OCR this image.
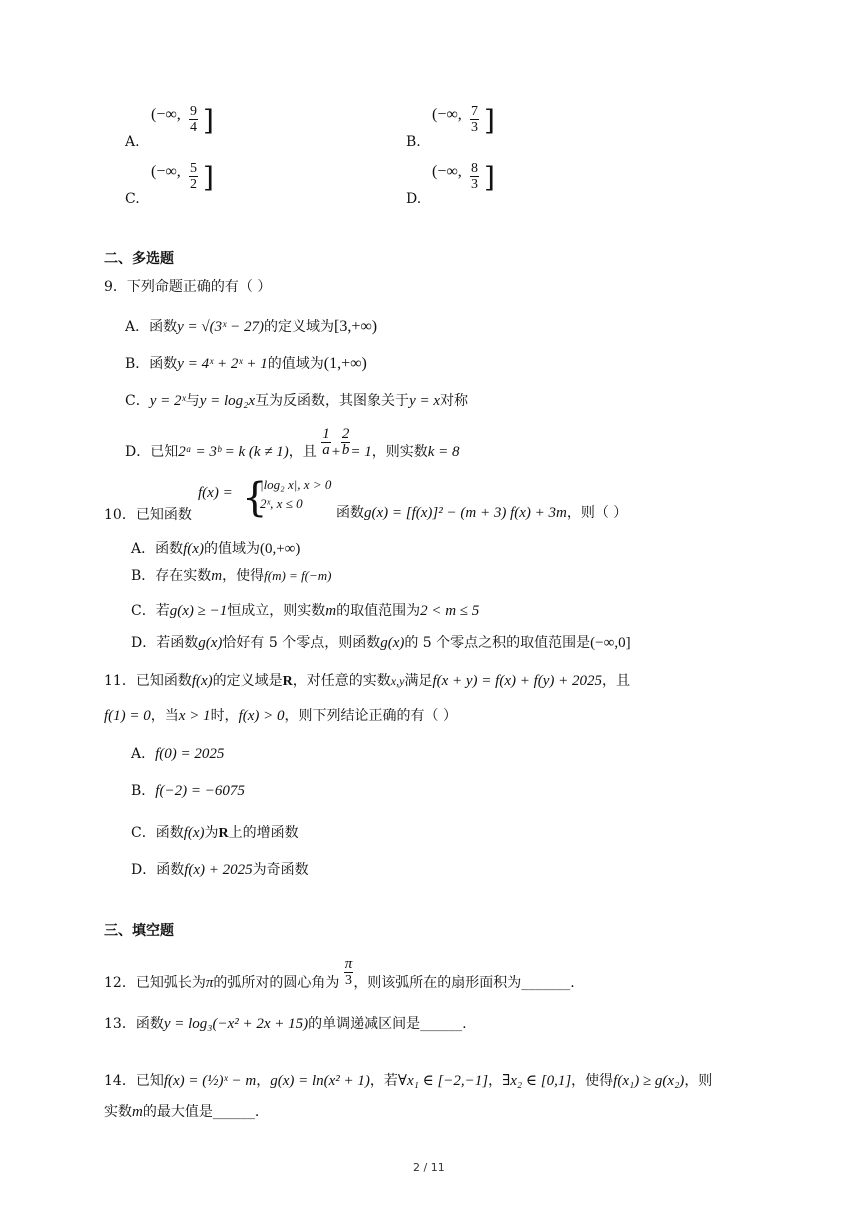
A.
(−∞, $\frac{9}{4}$ ]
B.
(−∞, $\frac{7}{3}$ ]
C.
(−∞, $\frac{5}{2}$ ]
D.
(−∞, $\frac{8}{3}$ ]
二、多选题
9．下列命题正确的有（ ）
A．函数y = √(3ˣ − 27)的定义域为[3,+∞)
B．函数y = 4ˣ + 2ˣ + 1的值域为(1,+∞)
C．y = 2ˣ与y = log₂x互为反函数，其图象关于y = x对称
D．已知2ᵃ = 3ᵇ = k (k ≠ 1)，且 $\frac{1}{a} + \frac{2}{b} = 1$，则实数k = 8
10．已知函数
f(x) = {
|log₂ x|, x > 0
2ˣ, x ≤ 0
函数g(x) = [f(x)]² − (m + 3) f(x) + 3m，则（ ）
A．函数f(x)的值域为(0,+∞)
B．存在实数m，使得f(m) = f(−m)
C．若g(x) ≥ −1恒成立，则实数m的取值范围为2 < m ≤ 5
D．若函数g(x)恰好有 5 个零点，则函数g(x)的 5 个零点之积的取值范围是(−∞,0]
11．已知函数f(x)的定义域是R，对任意的实数x,y满足f(x + y) = f(x) + f(y) + 2025，且
f(1) = 0，当x > 1时，f(x) > 0，则下列结论正确的有（ ）
A．f(0) = 2025
B．f(−2) = −6075
C．函数f(x)为R上的增函数
D．函数f(x) + 2025为奇函数
三、填空题
12．已知弧长为π的弧所对的圆心角为 $\frac{\pi}{3}$ ，则该弧所在的扇形面积为_______.
13．函数y = log₃(−x² + 2x + 15)的单调递减区间是______.
14．已知f(x) = (½)ˣ − m，g(x) = ln(x² + 1)，若∀x₁ ∈ [−2,−1]，∃x₂ ∈ [0,1]，使得f(x₁) ≥ g(x₂)，则
实数m的最大值是______.
2 / 11
